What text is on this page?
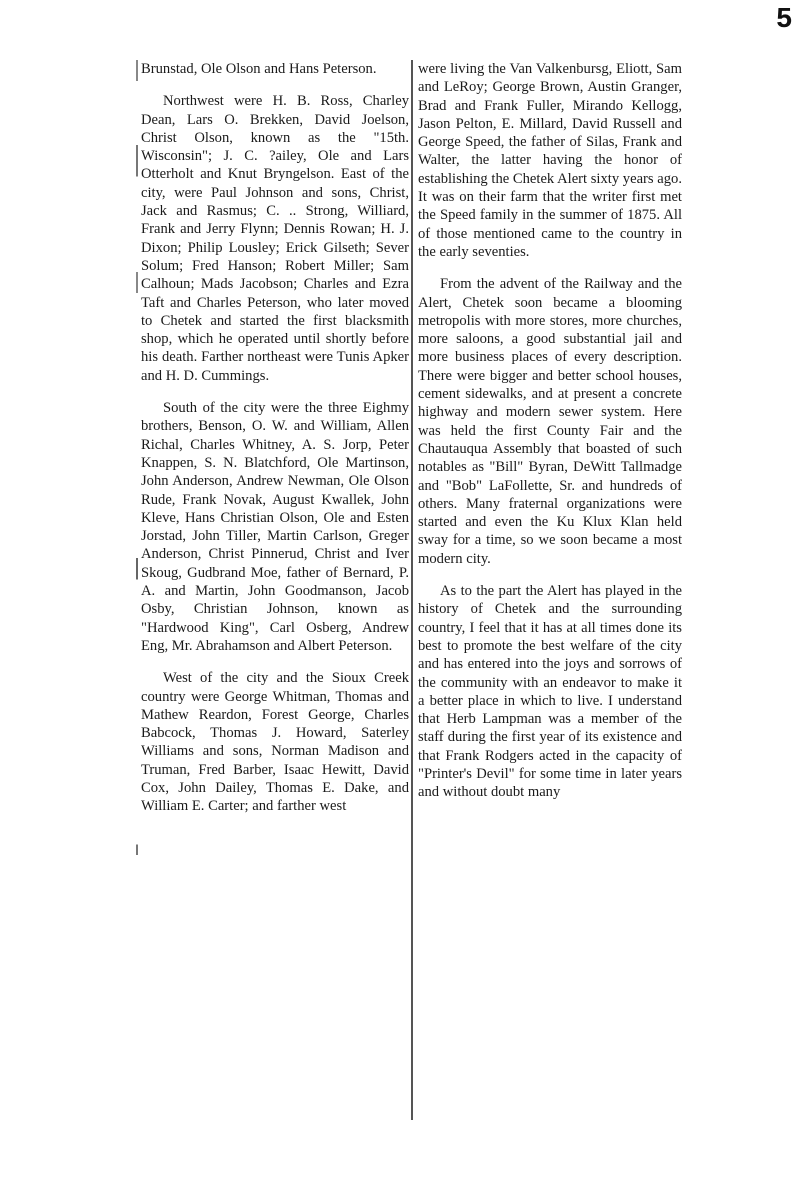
5

Brunstad, Ole Olson and Hans Peterson.

Northwest were H. B. Ross, Charley Dean, Lars O. Brekken, David Joelson, Christ Olson, known as the "15th. Wisconsin"; J. C. ?ailey, Ole and Lars Otterholt and Knut Bryngelson. East of the city, were Paul Johnson and sons, Christ, Jack and Rasmus; C. .. Strong, Williard, Frank and Jerry Flynn; Dennis Rowan; H. J. Dixon; Philip Lousley; Erick Gilseth; Sever Solum; Fred Hanson; Robert Miller; Sam Calhoun; Mads Jacobson; Charles and Ezra Taft and Charles Peterson, who later moved to Chetek and started the first blacksmith shop, which he operated until shortly before his death. Farther northeast were Tunis Apker and H. D. Cummings.

South of the city were the three Eighmy brothers, Benson, O. W. and William, Allen Richal, Charles Whitney, A. S. Jorp, Peter Knappen, S. N. Blatchford, Ole Martinson, John Anderson, Andrew Newman, Ole Olson Rude, Frank Novak, August Kwallek, John Kleve, Hans Christian Olson, Ole and Esten Jorstad, John Tiller, Martin Carlson, Greger Anderson, Christ Pinnerud, Christ and Iver Skoug, Gudbrand Moe, father of Bernard, P. A. and Martin, John Goodmanson, Jacob Osby, Christian Johnson, known as "Hardwood King", Carl Osberg, Andrew Eng, Mr. Abrahamson and Albert Peterson.

West of the city and the Sioux Creek country were George Whitman, Thomas and Mathew Reardon, Forest George, Charles Babcock, Thomas J. Howard, Saterley Williams and sons, Norman Madison and Truman, Fred Barber, Isaac Hewitt, David Cox, John Dailey, Thomas E. Dake, and William E. Carter; and farther west

were living the Van Valkenbursg, Eliott, Sam and LeRoy; George Brown, Austin Granger, Brad and Frank Fuller, Mirando Kellogg, Jason Pelton, E. Millard, David Russell and George Speed, the father of Silas, Frank and Walter, the latter having the honor of establishing the Chetek Alert sixty years ago. It was on their farm that the writer first met the Speed family in the summer of 1875. All of those mentioned came to the country in the early seventies.

From the advent of the Railway and the Alert, Chetek soon became a blooming metropolis with more stores, more churches, more saloons, a good substantial jail and more business places of every description. There were bigger and better school houses, cement sidewalks, and at present a concrete highway and modern sewer system. Here was held the first County Fair and the Chautauqua Assembly that boasted of such notables as "Bill" Byran, DeWitt Tallmadge and "Bob" LaFollette, Sr. and hundreds of others. Many fraternal organizations were started and even the Ku Klux Klan held sway for a time, so we soon became a most modern city.

As to the part the Alert has played in the history of Chetek and the surrounding country, I feel that it has at all times done its best to promote the best welfare of the city and has entered into the joys and sorrows of the community with an endeavor to make it a better place in which to live. I understand that Herb Lampman was a member of the staff during the first year of its existence and that Frank Rodgers acted in the capacity of "Printer's Devil" for some time in later years and without doubt many
